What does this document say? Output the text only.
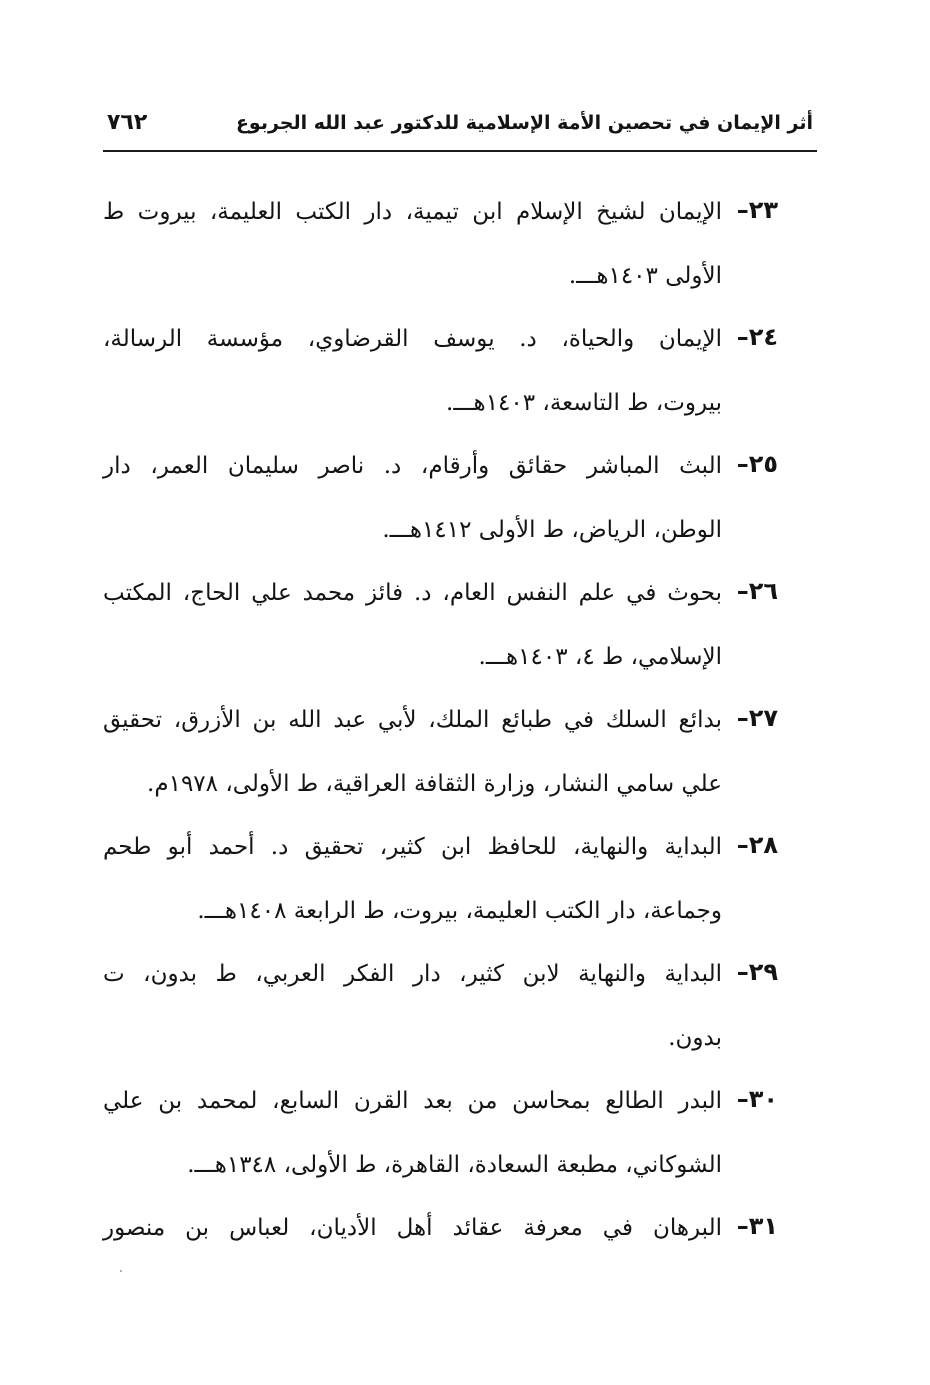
أثر الإيمان في تحصين الأمة الإسلامية للدكتور عبد الله الجربوع
٧٦٢
٢٣–
الإيمان لشيخ الإسلام ابن تيمية، دار الكتب العليمة، بيروت ط
الأولى ١٤٠٣هـــ.
٢٤–
الإيمان والحياة، د. يوسف القرضاوي، مؤسسة الرسالة،
بيروت، ط التاسعة، ١٤٠٣هـــ.
٢٥–
البث المباشر حقائق وأرقام، د. ناصر سليمان العمر، دار
الوطن، الرياض، ط الأولى ١٤١٢هـــ.
٢٦–
بحوث في علم النفس العام، د. فائز محمد علي الحاج، المكتب
الإسلامي، ط ٤، ١٤٠٣هـــ.
٢٧–
بدائع السلك في طبائع الملك، لأبي عبد الله بن الأزرق، تحقيق
علي سامي النشار، وزارة الثقافة العراقية، ط الأولى، ١٩٧٨م.
٢٨–
البداية والنهاية، للحافظ ابن كثير، تحقيق د. أحمد أبو طحم
وجماعة، دار الكتب العليمة، بيروت، ط الرابعة ١٤٠٨هـــ.
٢٩–
البداية والنهاية لابن كثير، دار الفكر العربي، ط بدون، ت
بدون.
٣٠–
البدر الطالع بمحاسن من بعد القرن السابع، لمحمد بن علي
الشوكاني، مطبعة السعادة، القاهرة، ط الأولى، ١٣٤٨هـــ.
٣١–
البرهان في معرفة عقائد أهل الأديان، لعباس بن منصور
